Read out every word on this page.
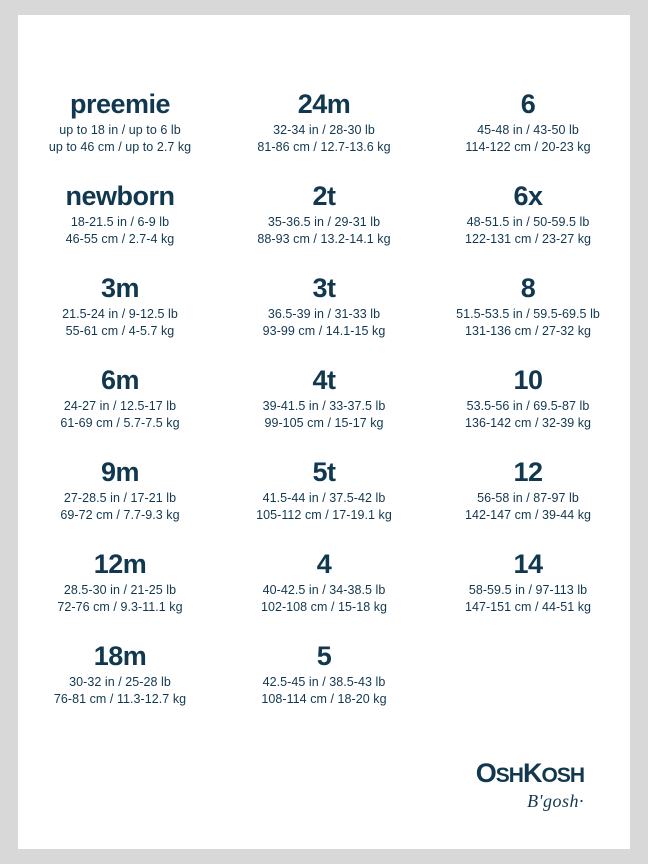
preemie
up to 18 in / up to 6 lb
up to 46 cm / up to 2.7 kg
24m
32-34 in / 28-30 lb
81-86 cm / 12.7-13.6 kg
6
45-48 in / 43-50 lb
114-122 cm / 20-23 kg
newborn
18-21.5 in / 6-9 lb
46-55 cm / 2.7-4 kg
2t
35-36.5 in / 29-31 lb
88-93 cm / 13.2-14.1 kg
6x
48-51.5 in / 50-59.5 lb
122-131 cm / 23-27 kg
3m
21.5-24 in / 9-12.5 lb
55-61 cm / 4-5.7 kg
3t
36.5-39 in / 31-33 lb
93-99 cm / 14.1-15 kg
8
51.5-53.5 in / 59.5-69.5 lb
131-136 cm / 27-32 kg
6m
24-27 in / 12.5-17 lb
61-69 cm / 5.7-7.5 kg
4t
39-41.5 in / 33-37.5 lb
99-105 cm / 15-17 kg
10
53.5-56 in / 69.5-87 lb
136-142 cm / 32-39 kg
9m
27-28.5 in / 17-21 lb
69-72 cm / 7.7-9.3 kg
5t
41.5-44 in / 37.5-42 lb
105-112 cm / 17-19.1 kg
12
56-58 in / 87-97 lb
142-147 cm / 39-44 kg
12m
28.5-30 in / 21-25 lb
72-76 cm / 9.3-11.1 kg
4
40-42.5 in / 34-38.5 lb
102-108 cm / 15-18 kg
14
58-59.5 in / 97-113 lb
147-151 cm / 44-51 kg
18m
30-32 in / 25-28 lb
76-81 cm / 11.3-12.7 kg
5
42.5-45 in / 38.5-43 lb
108-114 cm / 18-20 kg
OSHKOSH
B'gosh·
